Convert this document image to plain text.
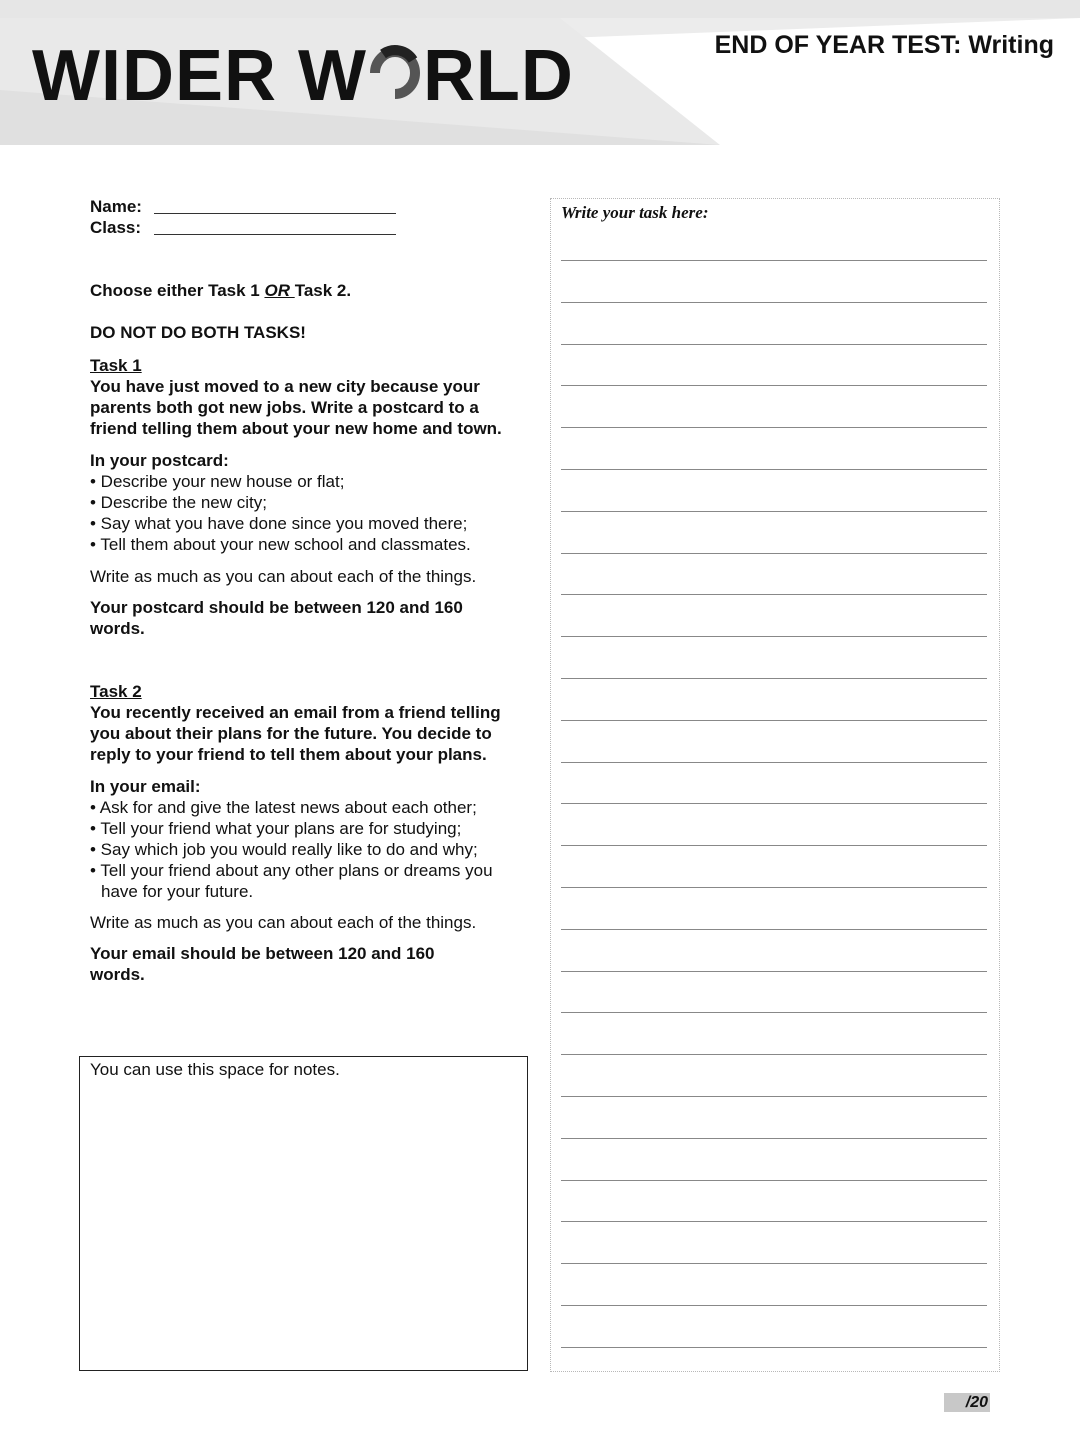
WIDER W RLD	END OF YEAR TEST: Writing
Name:
Class:

Choose either Task 1 OR Task 2.

DO NOT DO BOTH TASKS!

Task 1

You have just moved to a new city because your parents both got new jobs. Write a postcard to a friend telling them about your new home and town.

In your postcard:

• Describe your new house or flat;
• Describe the new city;
• Say what you have done since you moved there;
• Tell them about your new school and classmates.

Write as much as you can about each of the things.

Your postcard should be between 120 and 160 words.

Task 2

You recently received an email from a friend telling you about their plans for the future. You decide to reply to your friend to tell them about your plans.

In your email:

• Ask for and give the latest news about each other;
• Tell your friend what your plans are for studying;
• Say which job you would really like to do and why;
• Tell your friend about any other plans or dreams you have for your future.

Write as much as you can about each of the things.

Your email should be between 120 and 160 words.

You can use this space for notes.
Write your task here:
/20
